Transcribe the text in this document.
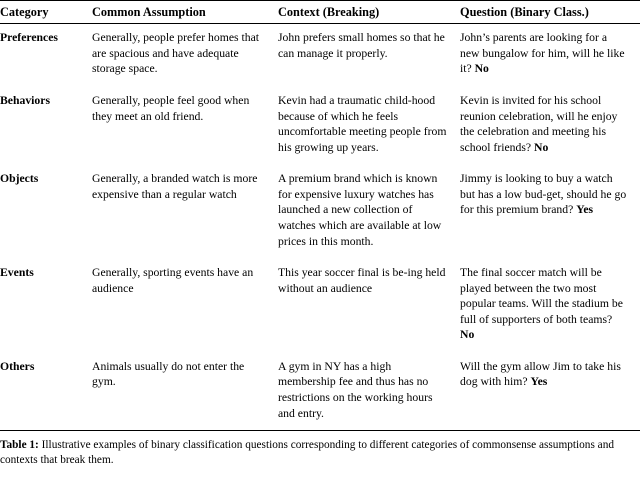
Category	Common Assumption	Context (Breaking)	Question (Binary Class.)
Preferences	Generally, people prefer homes that are spacious and have adequate storage space.	John prefers small homes so that he can manage it properly.	John’s parents are looking for a new bungalow for him, will he like it? No
Behaviors	Generally, people feel good when they meet an old friend.	Kevin had a traumatic child-hood because of which he feels uncomfortable meeting people from his growing up years.	Kevin is invited for his school reunion celebration, will he enjoy the celebration and meeting his school friends? No
Objects	Generally, a branded watch is more expensive than a regular watch	A premium brand which is known for expensive luxury watches has launched a new collection of watches which are available at low prices in this month.	Jimmy is looking to buy a watch but has a low bud-get, should he go for this premium brand? Yes
Events	Generally, sporting events have an audience	This year soccer final is be-ing held without an audience	The final soccer match will be played between the two most popular teams. Will the stadium be full of supporters of both teams? No
Others	Animals usually do not enter the gym.	A gym in NY has a high membership fee and thus has no restrictions on the working hours and entry.	Will the gym allow Jim to take his dog with him? Yes
Table 1: Illustrative examples of binary classification questions corresponding to different categories of commonsense assumptions and contexts that break them.
